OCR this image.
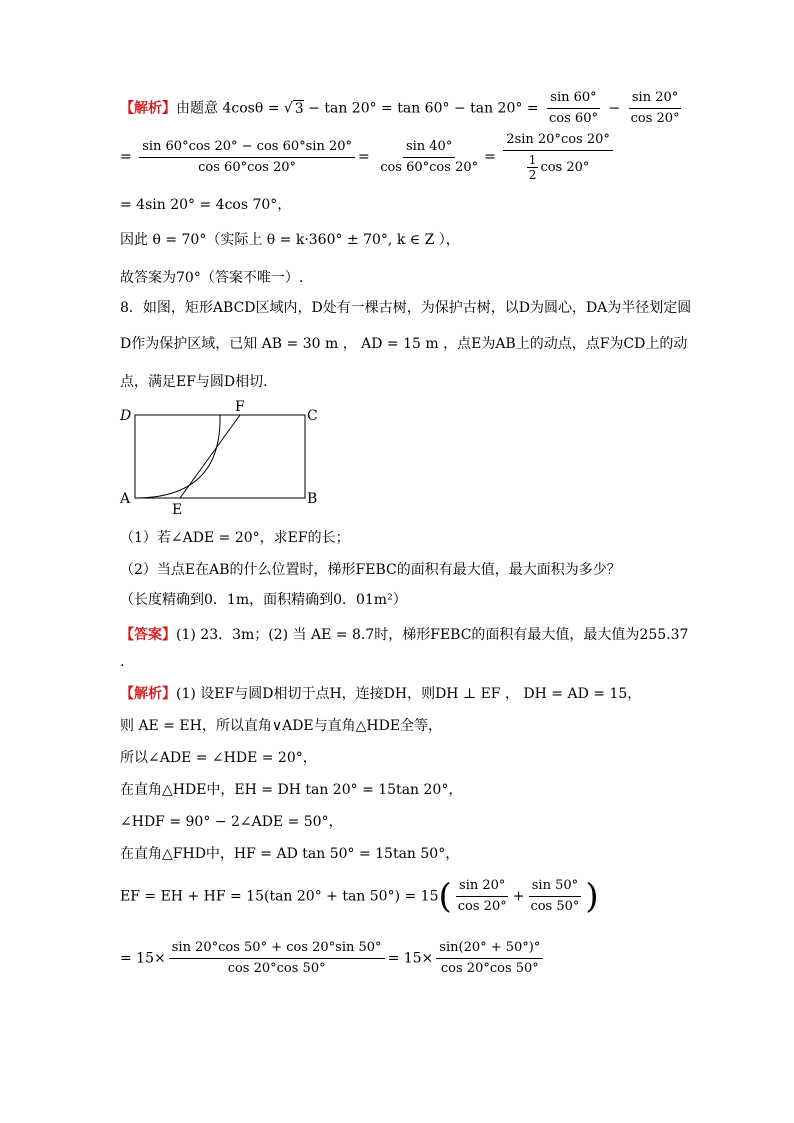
【解析】由题意 4cosθ = √ $3 - \tan 20^\circ = \tan 60^\circ - \tan 20^\circ = \frac{\sin 60^\circ}{\cos 60^\circ} - \frac{\sin 20^\circ}{\cos 20^\circ}$
= $\frac{\sin 60^\circ\cos 20^\circ - \cos 60^\circ\sin 20^\circ}{\cos 60^\circ\cos 20^\circ} = \frac{\sin 40^\circ}{\cos 60^\circ\cos 20^\circ} = \frac{2\sin 20^\circ\cos 20^\circ}{\frac{1}{2} \cos 20^\circ}$
= 4sin 20° = 4cos 70°，
因此 θ = 70°（实际上 θ = k·360° ± 70°, k ∈ Z ），
故答案为70°（答案不唯一）.
8．如图，矩形ABCD区域内，D处有一棵古树，为保护古树，以D为圆心，DA为半径划定圆
D作为保护区域，已知 AB = 30 m ， AD = 15 m ，点E为AB上的动点，点F为CD上的动
点，满足EF与圆D相切.
D
F
C
A
E
B
（1）若∠ADE = 20°，求EF的长；
（2）当点E在AB的什么位置时，梯形FEBC的面积有最大值，最大面积为多少？
（长度精确到0．1m，面积精确到0．01m²）
【答案】(1) 23．3m；(2) 当 AE = 8.7时，梯形FEBC的面积有最大值，最大值为255.37
.
【解析】(1) 设EF与圆D相切于点H，连接DH，则DH ⊥ EF ， DH = AD = 15，
则 AE = EH，所以直角∨ADE与直角△HDE全等，
所以∠ADE = ∠HDE = 20°，
在直角△HDE中，EH = DH tan 20° = 15tan 20°，
∠HDF = 90° − 2∠ADE = 50°，
在直角△FHD中，HF = AD tan 50° = 15tan 50°，
EF = EH + HF = 15(tan $20^\circ + \tan 50^\circ) = 15( \frac{\sin 20^\circ}{\cos 20^\circ} + \frac{\sin 50^\circ}{\cos 50^\circ}$ )
= $15\times \frac{\sin 20^\circ\cos 50^\circ + \cos 20^\circ\sin 50^\circ}{\cos 20^\circ\cos 50^\circ} = 15\times \frac{\sin(20^\circ + 50^\circ)^\circ}{\cos 20^\circ\cos 50^\circ}$
